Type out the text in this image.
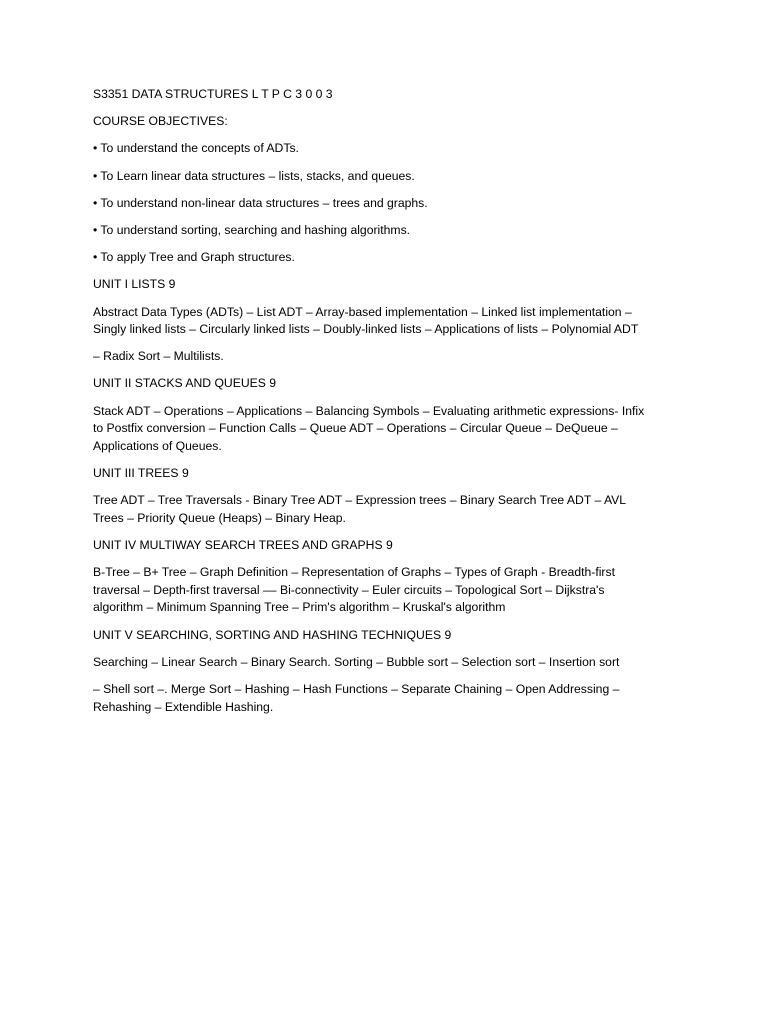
S3351 DATA STRUCTURES L T P C 3 0 0 3

COURSE OBJECTIVES:

• To understand the concepts of ADTs.

• To Learn linear data structures – lists, stacks, and queues.

• To understand non-linear data structures – trees and graphs.

• To understand sorting, searching and hashing algorithms.

• To apply Tree and Graph structures.

UNIT I LISTS 9

Abstract Data Types (ADTs) – List ADT – Array-based implementation – Linked list implementation –
Singly linked lists – Circularly linked lists – Doubly-linked lists – Applications of lists – Polynomial ADT

– Radix Sort – Multilists.

UNIT II STACKS AND QUEUES 9

Stack ADT – Operations – Applications – Balancing Symbols – Evaluating arithmetic expressions- Infix
to Postfix conversion – Function Calls – Queue ADT – Operations – Circular Queue – DeQueue –
Applications of Queues.

UNIT III TREES 9

Tree ADT – Tree Traversals - Binary Tree ADT – Expression trees – Binary Search Tree ADT – AVL
Trees – Priority Queue (Heaps) – Binary Heap.

UNIT IV MULTIWAY SEARCH TREES AND GRAPHS 9

B-Tree – B+ Tree – Graph Definition – Representation of Graphs – Types of Graph - Breadth-first
traversal – Depth-first traversal –– Bi-connectivity – Euler circuits – Topological Sort – Dijkstra's
algorithm – Minimum Spanning Tree – Prim's algorithm – Kruskal's algorithm

UNIT V SEARCHING, SORTING AND HASHING TECHNIQUES 9

Searching – Linear Search – Binary Search. Sorting – Bubble sort – Selection sort – Insertion sort

– Shell sort –. Merge Sort – Hashing – Hash Functions – Separate Chaining – Open Addressing –
Rehashing – Extendible Hashing.
